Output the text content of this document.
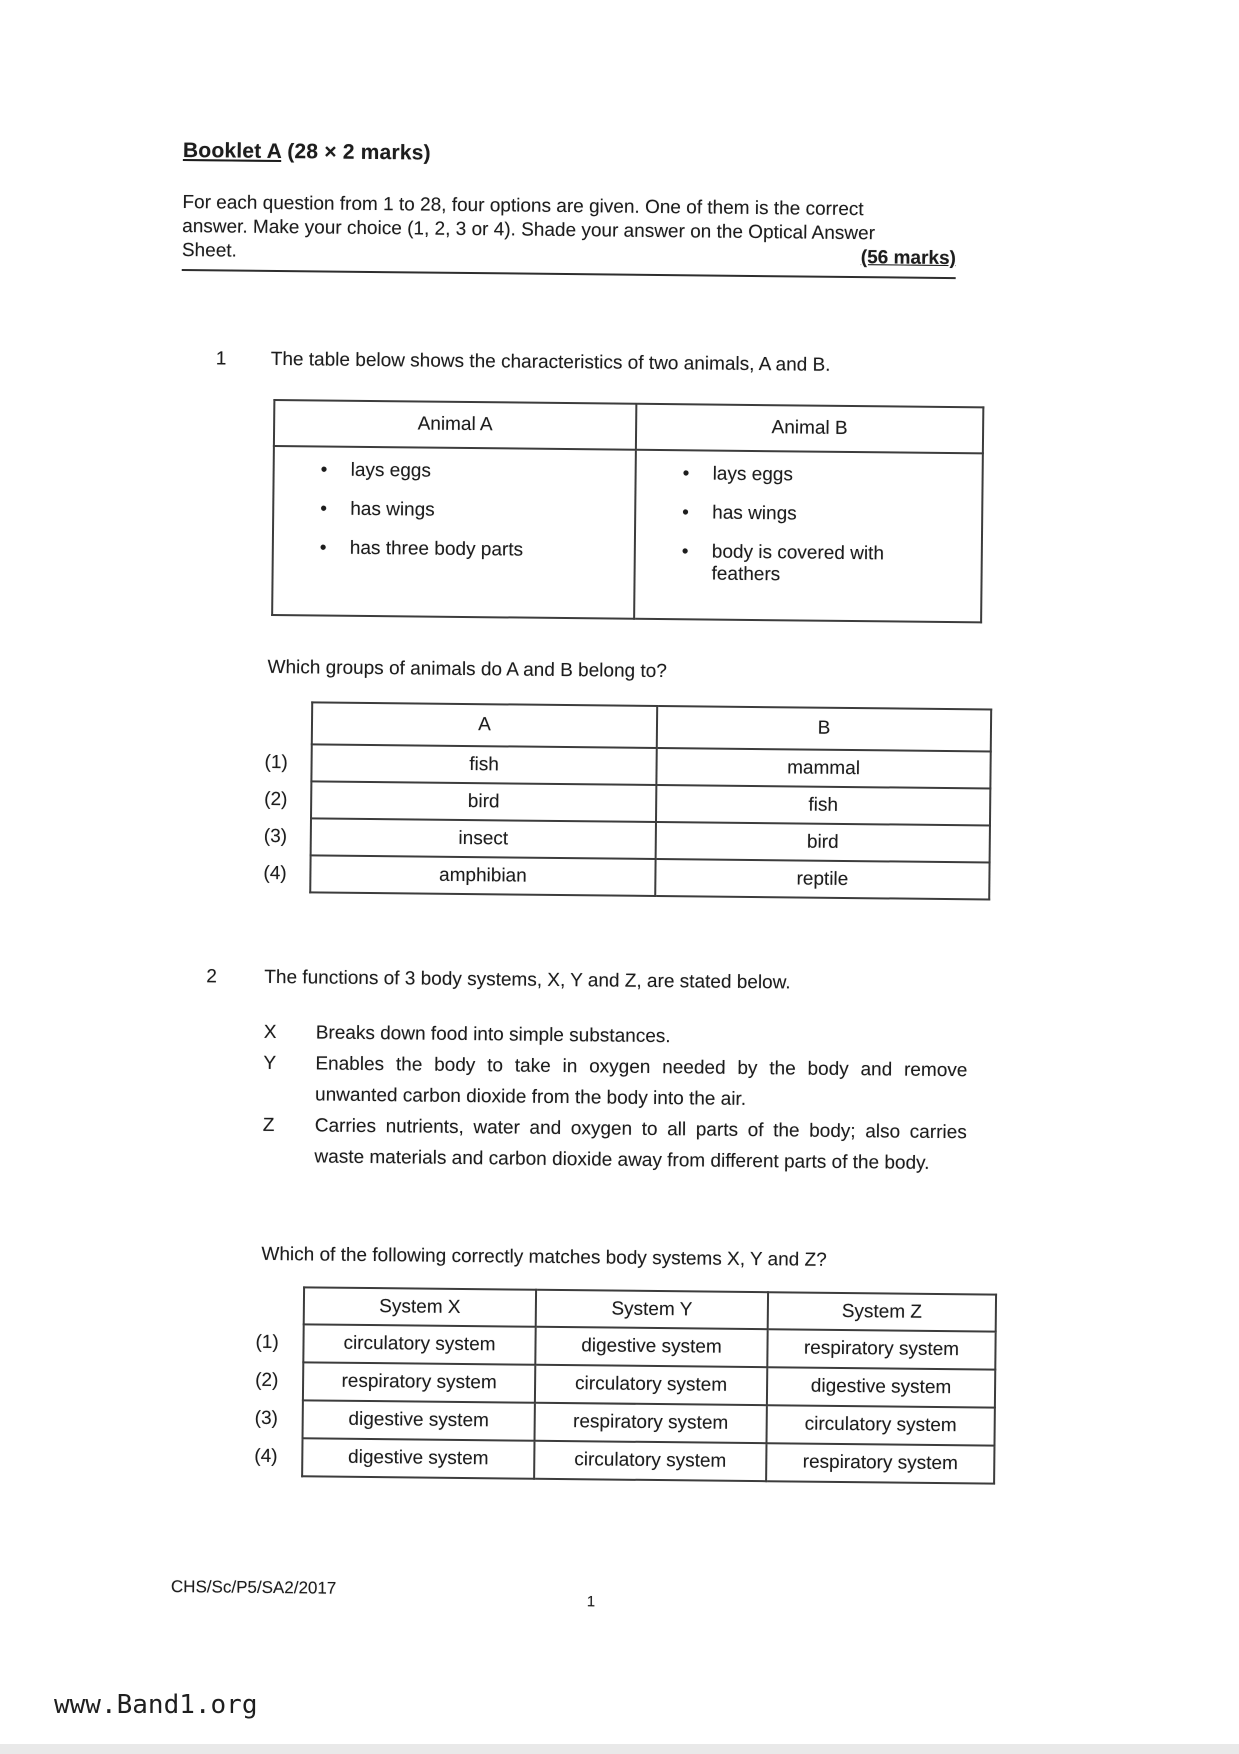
Booklet A (28 × 2 marks)
For each question from 1 to 28, four options are given. One of them is the correct
answer. Make your choice (1, 2, 3 or 4). Shade your answer on the Optical Answer
Sheet.	(56 marks)
1	The table below shows the characteristics of two animals, A and B.
Animal A	Animal B

• lays eggs
• has wings
• has three body parts

• lays eggs
• has wings
• body is covered with feathers
Which groups of animals do A and B belong to?
	A	B
(1)	fish	mammal
(2)	bird	fish
(3)	insect	bird
(4)	amphibian	reptile
2	The functions of 3 body systems, X, Y and Z, are stated below.
X	Breaks down food into simple substances.
Y	Enables the body to take in oxygen needed by the body and remove unwanted carbon dioxide from the body into the air.
Z	Carries nutrients, water and oxygen to all parts of the body; also carries waste materials and carbon dioxide away from different parts of the body.
Which of the following correctly matches body systems X, Y and Z?
	System X	System Y	System Z
(1)	circulatory system	digestive system	respiratory system
(2)	respiratory system	circulatory system	digestive system
(3)	digestive system	respiratory system	circulatory system
(4)	digestive system	circulatory system	respiratory system
CHS/Sc/P5/SA2/2017
1
www.Band1.org
